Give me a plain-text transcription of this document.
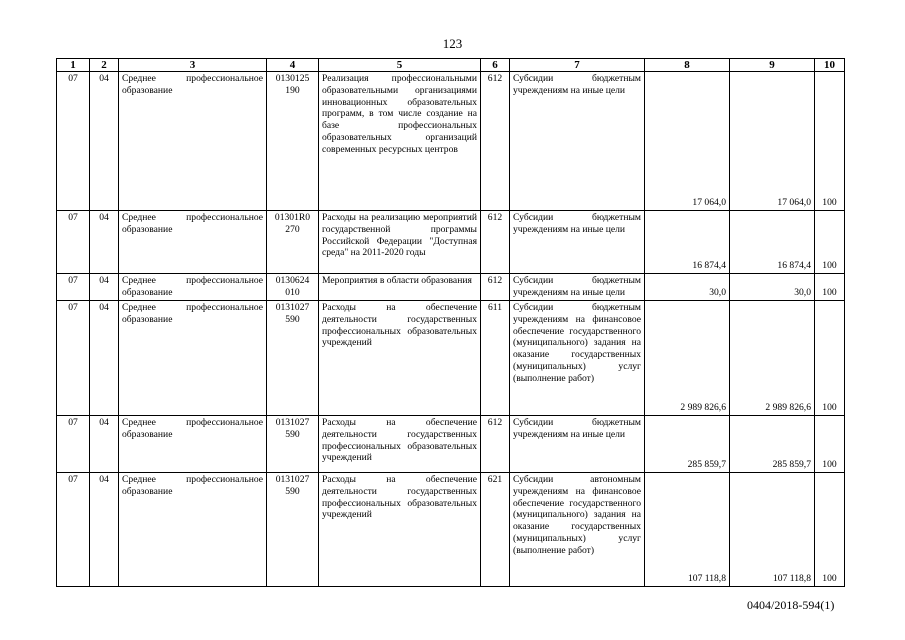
123
1	2	3	4	5	6	7	8	9	10
07	04	Среднее профессиональное образование	0130125 190	Реализация профессиональными образовательными организациями инновационных образовательных программ, в том числе создание на базе профессиональных образовательных организаций современных ресурсных центров	612	Субсидии бюджетным учреждениям на иные цели	17 064,0	17 064,0	100
07	04	Среднее профессиональное образование	01301R0 270	Расходы на реализацию мероприятий государственной программы Российской Федерации "Доступная среда" на 2011-2020 годы	612	Субсидии бюджетным учреждениям на иные цели	16 874,4	16 874,4	100
07	04	Среднее профессиональное образование	0130624 010	Мероприятия в области образования	612	Субсидии бюджетным учреждениям на иные цели	30,0	30,0	100
07	04	Среднее профессиональное образование	0131027 590	Расходы на обеспечение деятельности государственных профессиональных образовательных учреждений	611	Субсидии бюджетным учреждениям на финансовое обеспечение государственного (муниципального) задания на оказание государственных (муниципальных) услуг (выполнение работ)	2 989 826,6	2 989 826,6	100
07	04	Среднее профессиональное образование	0131027 590	Расходы на обеспечение деятельности государственных профессиональных образовательных учреждений	612	Субсидии бюджетным учреждениям на иные цели	285 859,7	285 859,7	100
07	04	Среднее профессиональное образование	0131027 590	Расходы на обеспечение деятельности государственных профессиональных образовательных учреждений	621	Субсидии автономным учреждениям на финансовое обеспечение государственного (муниципального) задания на оказание государственных (муниципальных) услуг (выполнение работ)	107 118,8	107 118,8	100
0404/2018-594(1)
